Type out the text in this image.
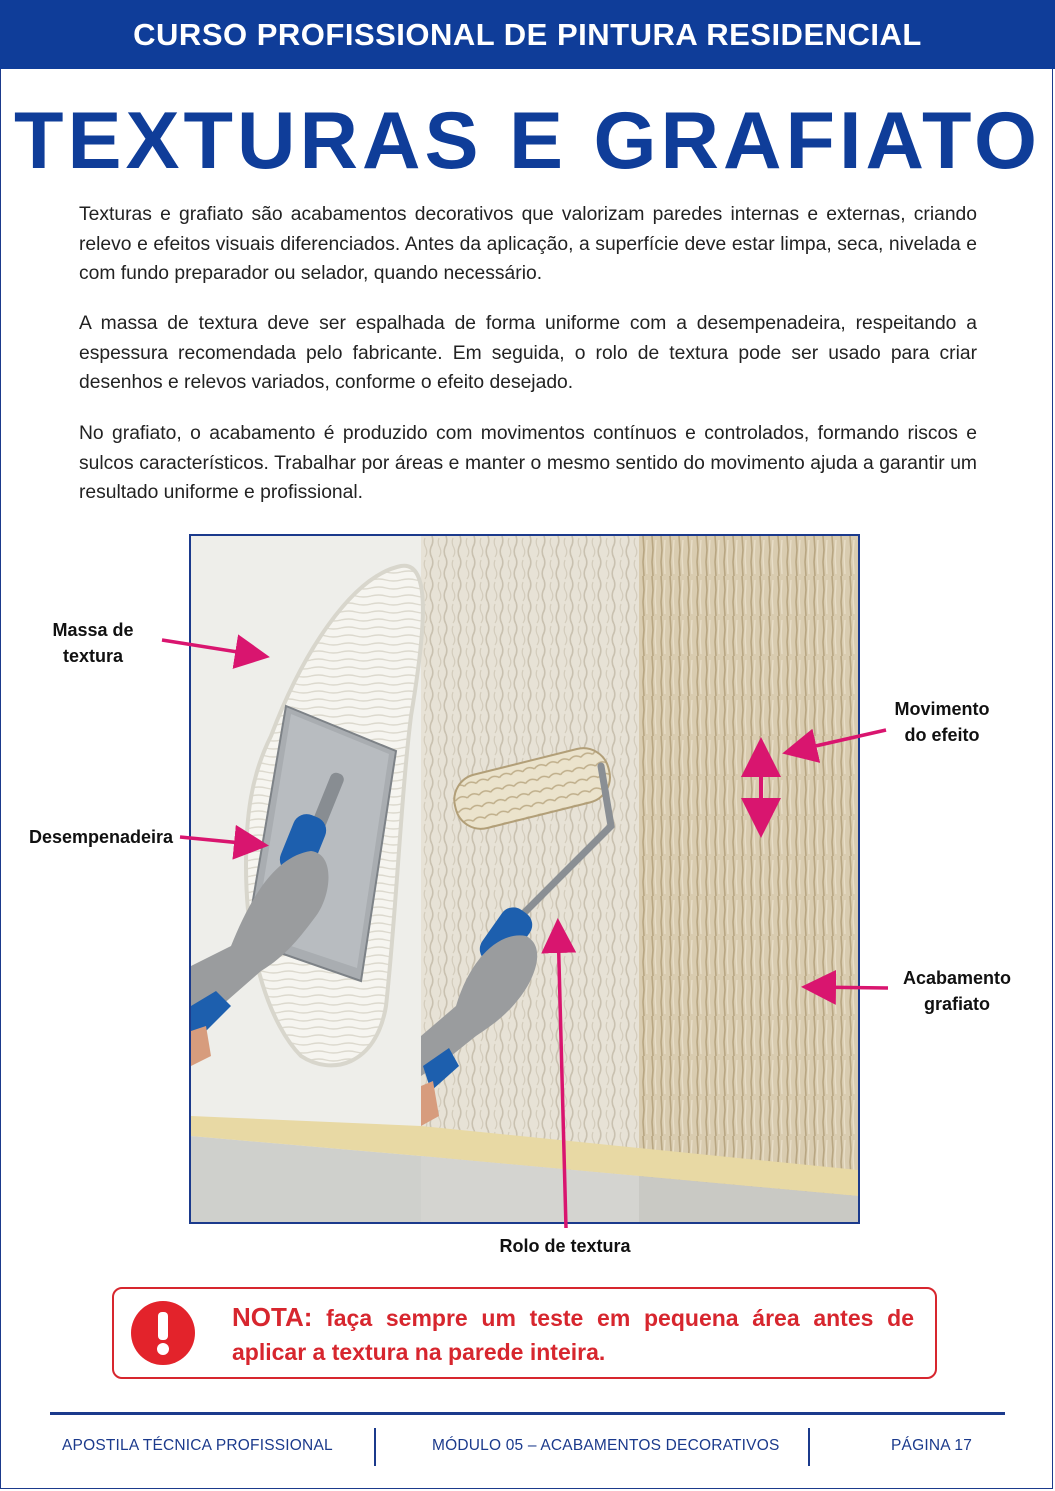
CURSO PROFISSIONAL DE PINTURA RESIDENCIAL
TEXTURAS E GRAFIATO

Texturas e grafiato são acabamentos decorativos que valorizam paredes internas e externas, criando relevo e efeitos visuais diferenciados. Antes da aplicação, a superfície deve estar limpa, seca, nivelada e com fundo preparador ou selador, quando necessário.

A massa de textura deve ser espalhada de forma uniforme com a desempenadeira, respeitando a espessura recomendada pelo fabricante. Em seguida, o rolo de textura pode ser usado para criar desenhos e relevos variados, conforme o efeito desejado.

No grafiato, o acabamento é produzido com movimentos contínuos e controlados, formando riscos e sulcos característicos. Trabalhar por áreas e manter o mesmo sentido do movimento ajuda a garantir um resultado uniforme e profissional.

Massa de
textura
Desempenadeira
Movimento
do efeito
Acabamento
grafiato
Rolo de textura
NOTA: faça sempre um teste em pequena área antes de aplicar a textura na parede inteira.
APOSTILA TÉCNICA PROFISSIONAL	MÓDULO 05 – ACABAMENTOS DECORATIVOS	PÁGINA 17
